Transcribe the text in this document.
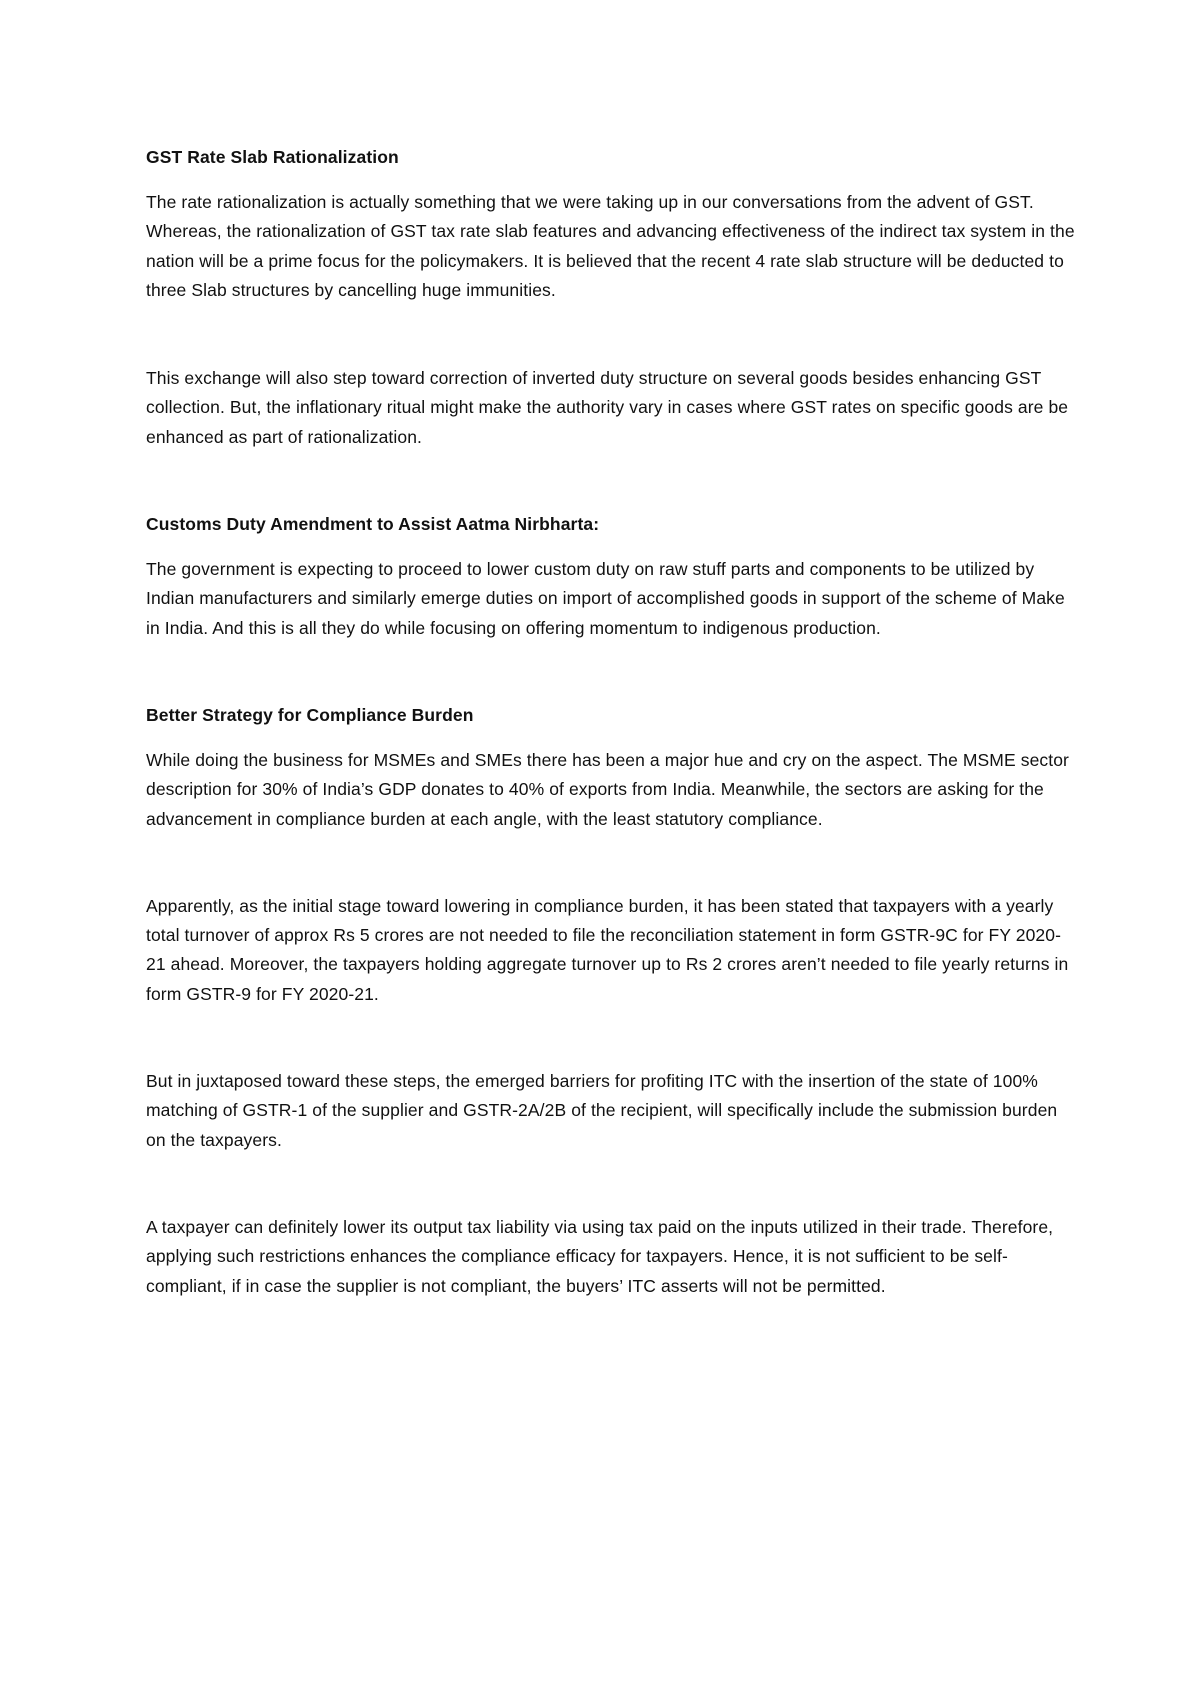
GST Rate Slab Rationalization

The rate rationalization is actually something that we were taking up in our conversations from the advent of GST. Whereas, the rationalization of GST tax rate slab features and advancing effectiveness of the indirect tax system in the nation will be a prime focus for the policymakers. It is believed that the recent 4 rate slab structure will be deducted to three Slab structures by cancelling huge immunities.

This exchange will also step toward correction of inverted duty structure on several goods besides enhancing GST collection. But, the inflationary ritual might make the authority vary in cases where GST rates on specific goods are be enhanced as part of rationalization.

Customs Duty Amendment to Assist Aatma Nirbharta:

The government is expecting to proceed to lower custom duty on raw stuff parts and components to be utilized by Indian manufacturers and similarly emerge duties on import of accomplished goods in support of the scheme of Make in India. And this is all they do while focusing on offering momentum to indigenous production.

Better Strategy for Compliance Burden

While doing the business for MSMEs and SMEs there has been a major hue and cry on the aspect. The MSME sector description for 30% of India’s GDP donates to 40% of exports from India. Meanwhile, the sectors are asking for the advancement in compliance burden at each angle, with the least statutory compliance.

Apparently, as the initial stage toward lowering in compliance burden, it has been stated that taxpayers with a yearly total turnover of approx Rs 5 crores are not needed to file the reconciliation statement in form GSTR-9C for FY 2020-21 ahead. Moreover, the taxpayers holding aggregate turnover up to Rs 2 crores aren’t needed to file yearly returns in form GSTR-9 for FY 2020-21.

But in juxtaposed toward these steps, the emerged barriers for profiting ITC with the insertion of the state of 100% matching of GSTR-1 of the supplier and GSTR-2A/2B of the recipient, will specifically include the submission burden on the taxpayers.

A taxpayer can definitely lower its output tax liability via using tax paid on the inputs utilized in their trade. Therefore, applying such restrictions enhances the compliance efficacy for taxpayers. Hence, it is not sufficient to be self- compliant, if in case the supplier is not compliant, the buyers’ ITC asserts will not be permitted.
